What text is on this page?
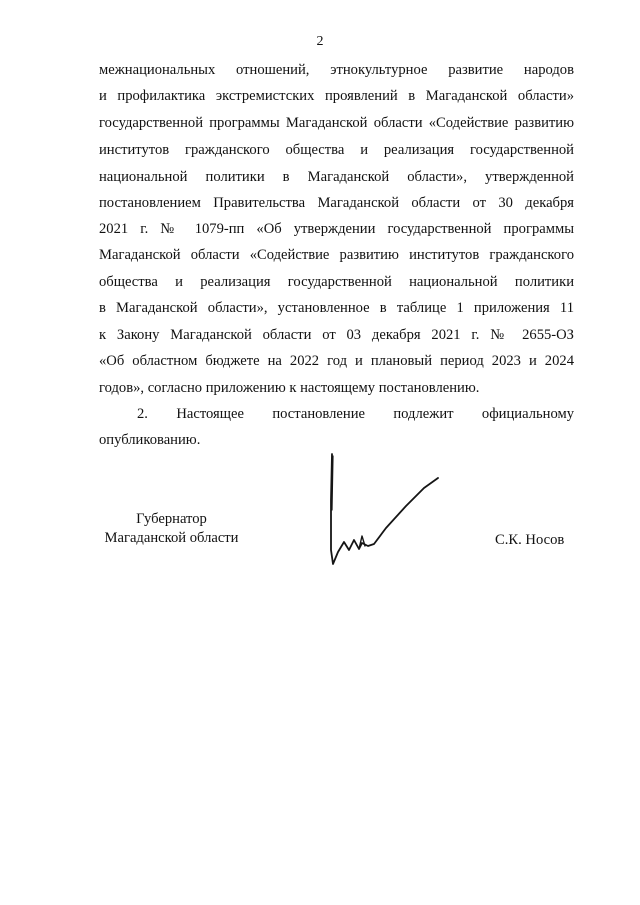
2
межнациональных отношений, этнокультурное развитие народов
и профилактика экстремистских проявлений в Магаданской области»
государственной программы Магаданской области «Содействие развитию
институтов гражданского общества и реализация государственной
национальной политики в Магаданской области», утвержденной
постановлением Правительства Магаданской области от 30 декабря
2021 г. № 1079-пп «Об утверждении государственной программы
Магаданской области «Содействие развитию институтов гражданского
общества и реализация государственной национальной политики
в Магаданской области», установленное в таблице 1 приложения 11
к Закону Магаданской области от 03 декабря 2021 г. № 2655-ОЗ
«Об областном бюджете на 2022 год и плановый период 2023 и 2024
годов», согласно приложению к настоящему постановлению.
2. Настоящее постановление подлежит официальному
опубликованию.
Губернатор
Магаданской области	С.К. Носов
